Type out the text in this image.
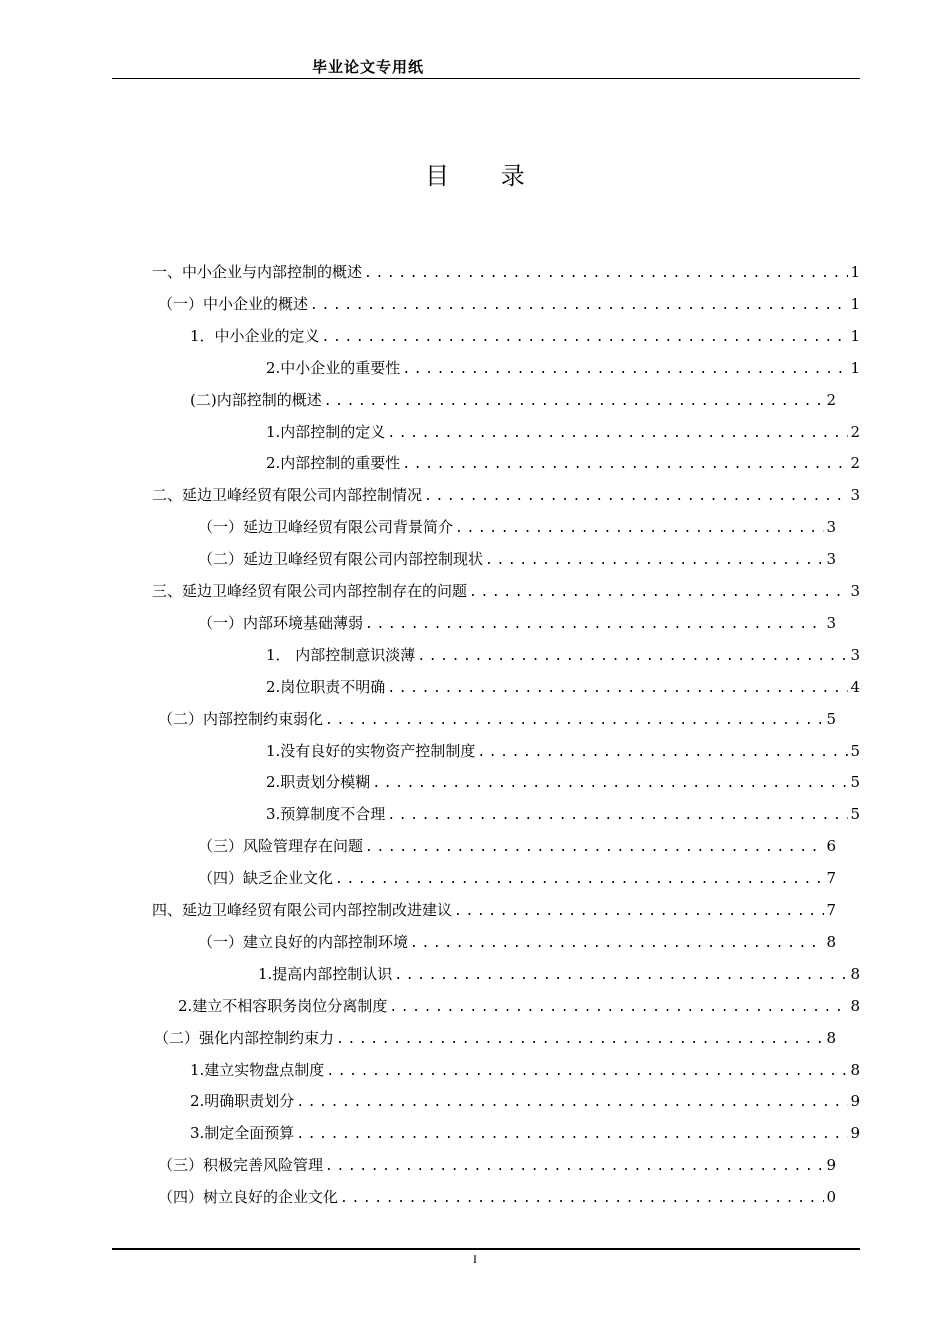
毕业论文专用纸
目 录
一、中小企业与内部控制的概述 .....	1
（一）中小企业的概述 .....	1
1．中小企业的定义 .....	1
2.中小企业的重要性 .....	1
(二)内部控制的概述 .....	2
1.内部控制的定义 .....	2
2.内部控制的重要性 .....	2
二、延边卫峰经贸有限公司内部控制情况 .....	3
（一）延边卫峰经贸有限公司背景简介 .....	3
（二）延边卫峰经贸有限公司内部控制现状 .....	3
三、延边卫峰经贸有限公司内部控制存在的问题 .....	3
（一）内部环境基础薄弱 .....	3
1． 内部控制意识淡薄 .....	3
2.岗位职责不明确 .....	4
（二）内部控制约束弱化 .....	5
1.没有良好的实物资产控制制度 .....	5
2.职责划分模糊 .....	5
3.预算制度不合理 .....	5
（三）风险管理存在问题 .....	6
（四）缺乏企业文化 .....	7
四、延边卫峰经贸有限公司内部控制改进建议 .....	7
（一）建立良好的内部控制环境 .....	8
1.提高内部控制认识 .....	8
2.建立不相容职务岗位分离制度 .....	8
（二）强化内部控制约束力 .....	8
1.建立实物盘点制度 .....	8
2.明确职责划分 .....	9
3.制定全面预算 .....	9
（三）积极完善风险管理 .....	9
（四）树立良好的企业文化 .....	0
I
